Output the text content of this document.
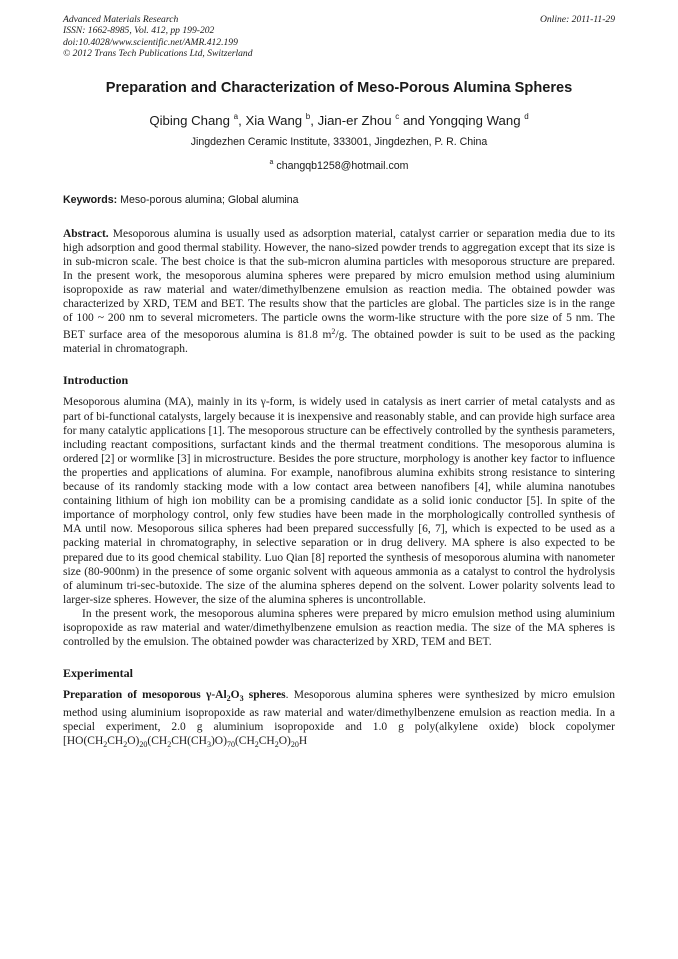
Advanced Materials Research
ISSN: 1662-8985, Vol. 412, pp 199-202
doi:10.4028/www.scientific.net/AMR.412.199
© 2012 Trans Tech Publications Ltd, Switzerland
Online: 2011-11-29
Preparation and Characterization of Meso-Porous Alumina Spheres
Qibing Chang $^a$, Xia Wang $^b$, Jian-er Zhou $^c$ and Yongqing Wang $^d$
Jingdezhen Ceramic Institute, 333001, Jingdezhen, P. R. China
$^a$ changqb1258@hotmail.com
Keywords: Meso-porous alumina; Global alumina

Abstract. Mesoporous alumina is usually used as adsorption material, catalyst carrier or separation media due to its high adsorption and good thermal stability. However, the nano-sized powder trends to aggregation except that its size is in sub-micron scale. The best choice is that the sub-micron alumina particles with mesoporous structure are prepared. In the present work, the mesoporous alumina spheres were prepared by micro emulsion method using aluminium isopropoxide as raw material and water/dimethylbenzene emulsion as reaction media. The obtained powder was characterized by XRD, TEM and BET. The results show that the particles are global. The particles size is in the range of 100 ~ 200 nm to several micrometers. The particle owns the worm-like structure with the pore size of 5 nm. The BET surface area of the mesoporous alumina is 81.8 $m^2/g$. The obtained powder is suit to be used as the packing material in chromatograph.

Introduction

Mesoporous alumina (MA), mainly in its γ-form, is widely used in catalysis as inert carrier of metal catalysts and as part of bi-functional catalysts, largely because it is inexpensive and reasonably stable, and can provide high surface area for many catalytic applications [1]. The mesoporous structure can be effectively controlled by the synthesis parameters, including reactant compositions, surfactant kinds and the thermal treatment conditions. The mesoporous alumina is ordered [2] or wormlike [3] in microstructure. Besides the pore structure, morphology is another key factor to influence the properties and applications of alumina. For example, nanofibrous alumina exhibits strong resistance to sintering because of its randomly stacking mode with a low contact area between nanofibers [4], while alumina nanotubes containing lithium of high ion mobility can be a promising candidate as a solid ionic conductor [5]. In spite of the importance of morphology control, only few studies have been made in the morphologically controlled synthesis of MA until now. Mesoporous silica spheres had been prepared successfully [6, 7], which is expected to be used as a packing material in chromatography, in selective separation or in drug delivery. MA sphere is also expected to be prepared due to its good chemical stability. Luo Qian [8] reported the synthesis of mesoporous alumina with nanometer size (80-900nm) in the presence of some organic solvent with aqueous ammonia as a catalyst to control the hydrolysis of aluminum tri-sec-butoxide. The size of the alumina spheres depend on the solvent. Lower polarity solvents lead to larger-size spheres. However, the size of the alumina spheres is uncontrollable.

In the present work, the mesoporous alumina spheres were prepared by micro emulsion method using aluminium isopropoxide as raw material and water/dimethylbenzene emulsion as reaction media. The size of the MA spheres is controlled by the emulsion. The obtained powder was characterized by XRD, TEM and BET.

Experimental

Preparation of mesoporous $\gamma-Al_2O_3$ spheres. Mesoporous alumina spheres were synthesized by micro emulsion method using aluminium isopropoxide as raw material and water/dimethylbenzene emulsion as reaction media. In a special experiment, 2.0 g aluminium isopropoxide and 1.0 g poly(alkylene oxide) block copolymer [$HO(CH_2CH_2O)_{20}(CH_2CH(CH_3)O)_{70}(CH_2CH_2O)_{20}H$
